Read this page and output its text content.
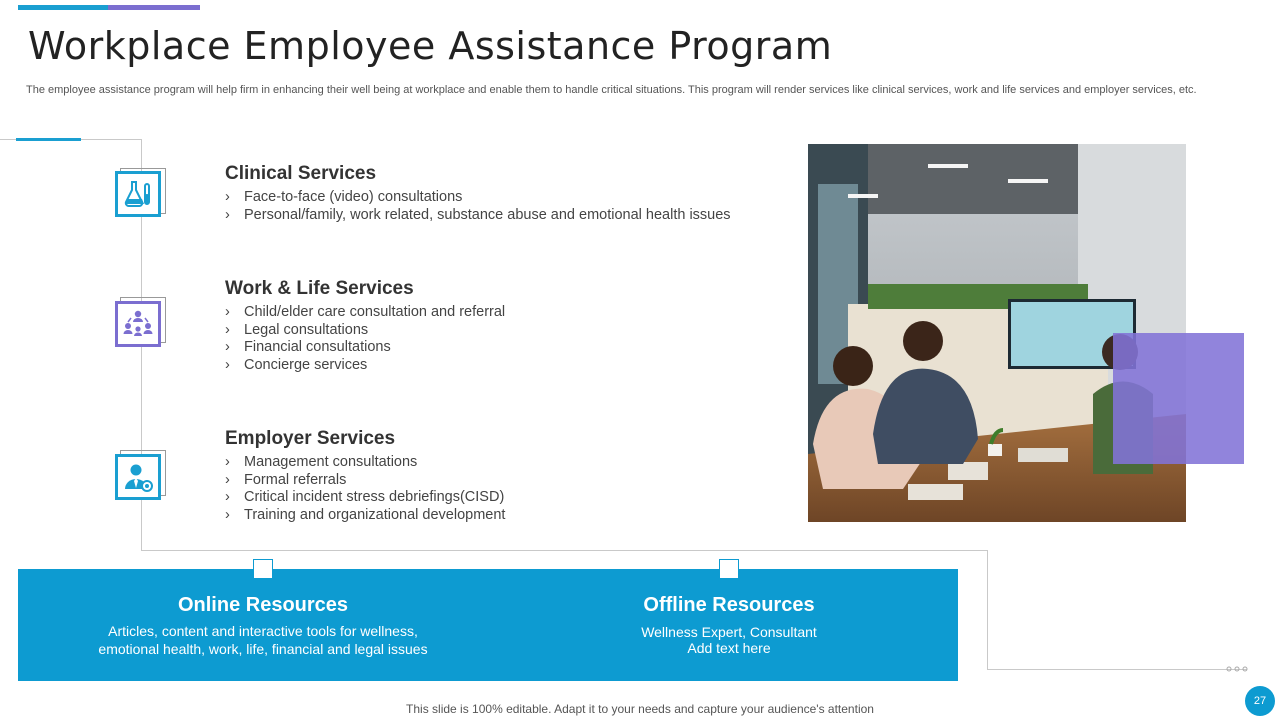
Workplace Employee Assistance Program

The employee assistance program will help firm in enhancing their well being at workplace and enable them to handle critical situations. This program will render services like clinical services, work and life services and employer services, etc.

Clinical Services
› Face-to-face (video) consultations
› Personal/family, work related, substance abuse and emotional health issues
Work & Life Services
› Child/elder care consultation and referral
› Legal consultations
› Financial consultations
› Concierge services
Employer Services
› Management consultations
› Formal referrals
› Critical incident stress debriefings(CISD)
› Training and organizational development
Online Resources
Articles, content and interactive tools for wellness,
emotional health, work, life, financial and legal issues
Offline Resources
Wellness Expert, Consultant
Add text here
This slide is 100% editable. Adapt it to your needs and capture your audience's attention
27
